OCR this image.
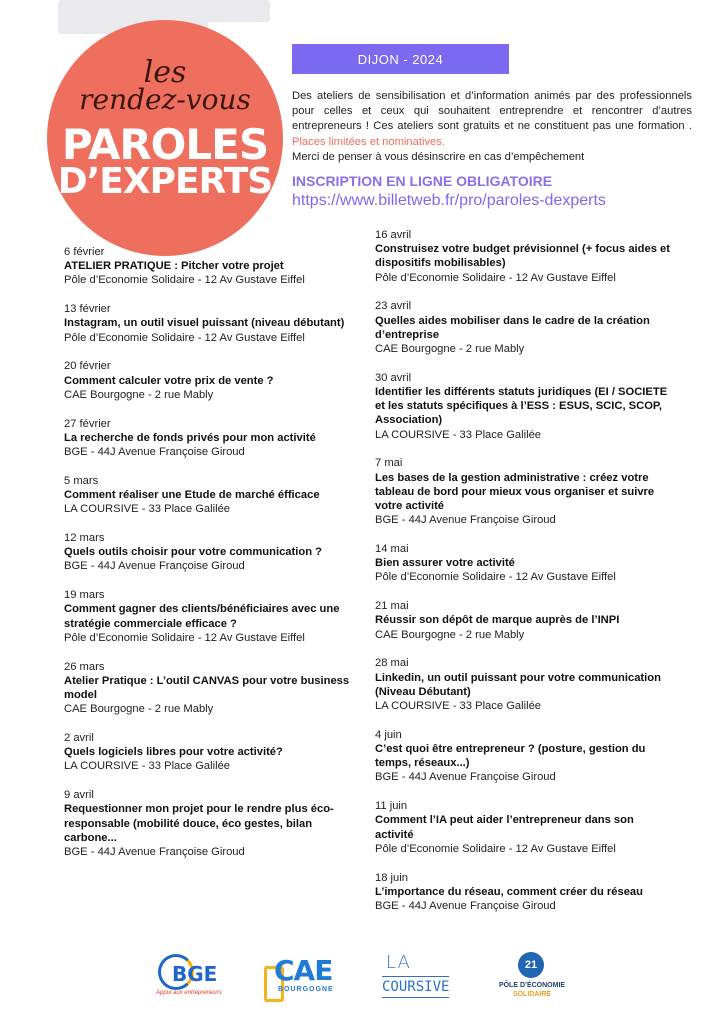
les
rendez-vous
PAROLES
D’EXPERTS
DIJON - 2024
Des ateliers de sensibilisation et d’information animés par des professionnels pour celles et ceux qui souhaitent entreprendre et rencontrer d’autres entrepreneurs ! Ces ateliers sont gratuits et ne constituent pas une formation . Places limitées et nominatives.
Merci de penser à vous désinscrire en cas d’empêchement
INSCRIPTION EN LIGNE OBLIGATOIRE
https://www.billetweb.fr/pro/paroles-dexperts
6 février
ATELIER PRATIQUE : Pitcher votre projet
Pôle d’Economie Solidaire - 12 Av Gustave Eiffel
13 février
Instagram, un outil visuel puissant (niveau débutant)
Pôle d’Economie Solidaire - 12 Av Gustave Eiffel
20 février
Comment calculer votre prix de vente ?
CAE Bourgogne - 2 rue Mably
27 février
La recherche de fonds privés pour mon activité
BGE - 44J Avenue Françoise Giroud
5 mars
Comment réaliser une Etude de marché éfficace
LA COURSIVE - 33 Place Galilée
12 mars
Quels outils choisir pour votre communication ?
BGE - 44J Avenue Françoise Giroud
19 mars
Comment gagner des clients/bénéficiaires avec une stratégie commerciale efficace ?
Pôle d’Economie Solidaire - 12 Av Gustave Eiffel
26 mars
Atelier Pratique : L’outil CANVAS pour votre business model
CAE Bourgogne - 2 rue Mably
2 avril
Quels logiciels libres pour votre activité?
LA COURSIVE - 33 Place Galilée
9 avril
Requestionner mon projet pour le rendre plus éco-responsable (mobilité douce, éco gestes, bilan carbone...
BGE - 44J Avenue Françoise Giroud
16 avril
Construisez votre budget prévisionnel (+ focus aides et dispositifs mobilisables)
Pôle d’Economie Solidaire - 12 Av Gustave Eiffel
23 avril
Quelles aides mobiliser dans le cadre de la création d’entreprise
CAE Bourgogne - 2 rue Mably
30 avril
Identifier les différents statuts juridiques (EI / SOCIETE et les statuts spécifiques à l’ESS : ESUS, SCIC, SCOP, Association)
LA COURSIVE - 33 Place Galilée
7 mai
Les bases de la gestion administrative : créez votre tableau de bord pour mieux vous organiser et suivre votre activité
BGE - 44J Avenue Françoise Giroud
14 mai
Bien assurer votre activité
Pôle d’Economie Solidaire - 12 Av Gustave Eiffel
21 mai
Réussir son dépôt de marque auprès de l’INPI
CAE Bourgogne - 2 rue Mably
28 mai
Linkedin, un outil puissant pour votre communication (Niveau Débutant)
LA COURSIVE - 33 Place Galilée
4 juin
C’est quoi être entrepreneur ? (posture, gestion du temps, réseaux...)
BGE - 44J Avenue Françoise Giroud
11 juin
Comment l’IA peut aider l’entrepreneur dans son activité
Pôle d’Economie Solidaire - 12 Av Gustave Eiffel
18 juin
L’importance du réseau, comment créer du réseau
BGE - 44J Avenue Françoise Giroud
BGE
Appui aux entrepreneurs
CAE
BOURGOGNE
LA
COURSIVE
21
PÔLE D’ÉCONOMIE
SOLIDAIRE
